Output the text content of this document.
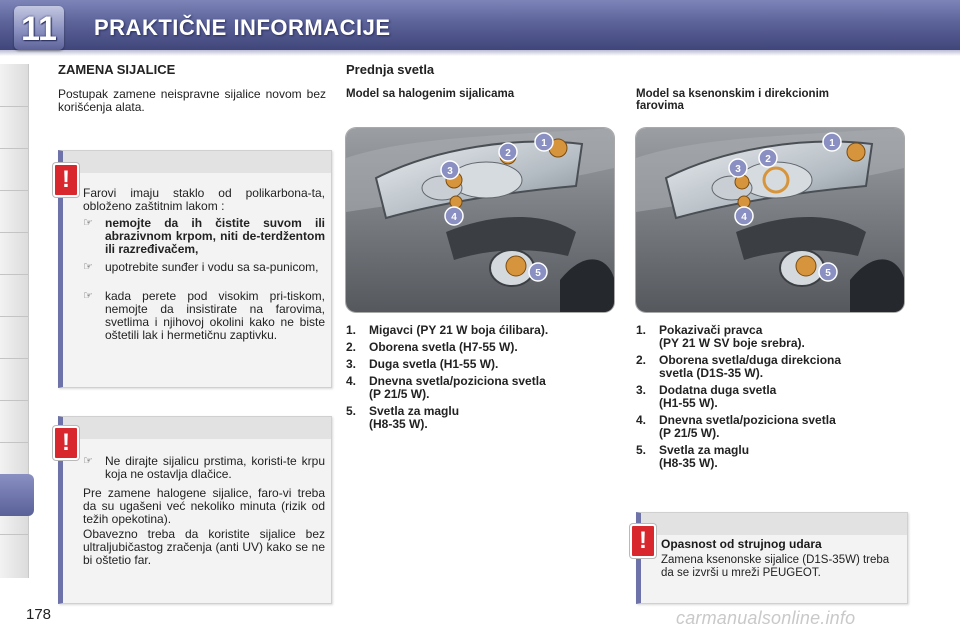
11	PRAKTIČNE INFORMACIJE
ZAMENA SIJALICE
Postupak zamene neispravne sijalice novom bez korišćenja alata.
Farovi imaju staklo od polikarbona-ta, obloženo zaštitnim lakom :
☞ nemojte da ih čistite suvom ili abrazivnom krpom, niti de-terdžentom ili razređivačem,
☞ upotrebite sunđer i vodu sa sa-punicom,
☞ kada perete pod visokim pri-tiskom, nemojte da insistirate na farovima, svetlima i njihovoj okolini kako ne biste oštetili lak i hermetičnu zaptivku.
!
☞ Ne dirajte sijalicu prstima, koristi-te krpu koja ne ostavlja dlačice.
Pre zamene halogene sijalice, faro-vi treba da su ugašeni već nekoliko minuta (rizik od težih opekotina).
Obavezno treba da koristite sijalice bez ultraljubičastog zračenja (anti UV) kako se ne bi oštetio far.
!
Prednja svetla
Model sa halogenim sijalicama	Model sa ksenonskim i direkcionim
farovima
1
2
3
4
5
1
2
3
4
5
1. Migavci (PY 21 W boja ćilibara).
2. Oborena svetla (H7-55 W).
3. Duga svetla (H1-55 W).
4. Dnevna svetla/poziciona svetla
(P 21/5 W).
5. Svetla za maglu
(H8-35 W).
1. Pokazivači pravca
(PY 21 W SV boje srebra).
2. Oborena svetla/duga direkciona
svetla (D1S-35 W).
3. Dodatna duga svetla
(H1-55 W).
4. Dnevna svetla/poziciona svetla
(P 21/5 W).
5. Svetla za maglu
(H8-35 W).
Opasnost od strujnog udara
Zamena ksenonske sijalice (D1S-35W) treba da se izvrši u mreži PEUGEOT.
!
178	carmanualsonline.info
